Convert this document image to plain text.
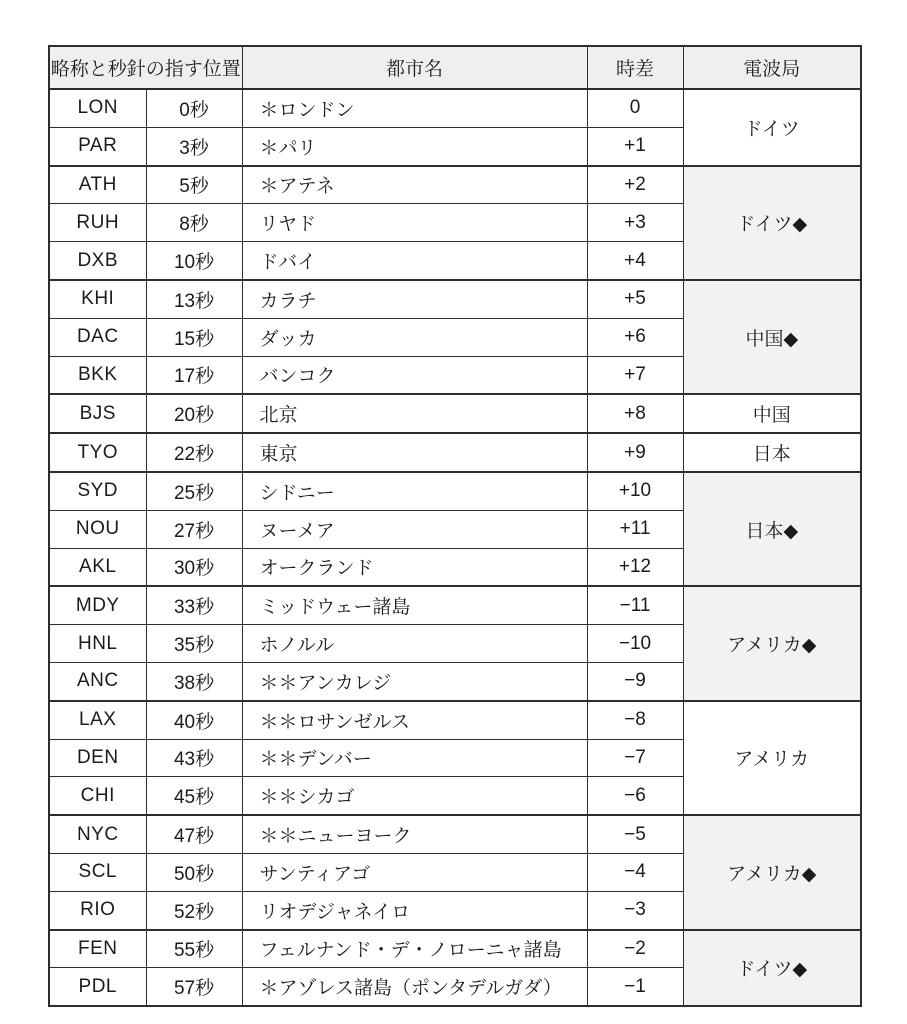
略称と秒針の指す位置		都市名	時差	電波局
LON	0秒	＊ロンドン	0	ドイツ
PAR	3秒	＊パリ	+1	
ATH	5秒	＊アテネ	+2	ドイツ◆
RUH	8秒	リヤド	+3	
DXB	10秒	ドバイ	+4	
KHI	13秒	カラチ	+5	中国◆
DAC	15秒	ダッカ	+6	
BKK	17秒	バンコク	+7	
BJS	20秒	北京	+8	中国
TYO	22秒	東京	+9	日本
SYD	25秒	シドニー	+10	日本◆
NOU	27秒	ヌーメア	+11	
AKL	30秒	オークランド	+12	
MDY	33秒	ミッドウェー諸島	−11	アメリカ◆
HNL	35秒	ホノルル	−10	
ANC	38秒	＊＊アンカレジ	−9	
LAX	40秒	＊＊ロサンゼルス	−8	アメリカ
DEN	43秒	＊＊デンバー	−7	
CHI	45秒	＊＊シカゴ	−6	
NYC	47秒	＊＊ニューヨーク	−5	アメリカ◆
SCL	50秒	サンティアゴ	−4	
RIO	52秒	リオデジャネイロ	−3	
FEN	55秒	フェルナンド・デ・ノローニャ諸島	−2	ドイツ◆
PDL	57秒	＊アゾレス諸島（ポンタデルガダ）	−1	
